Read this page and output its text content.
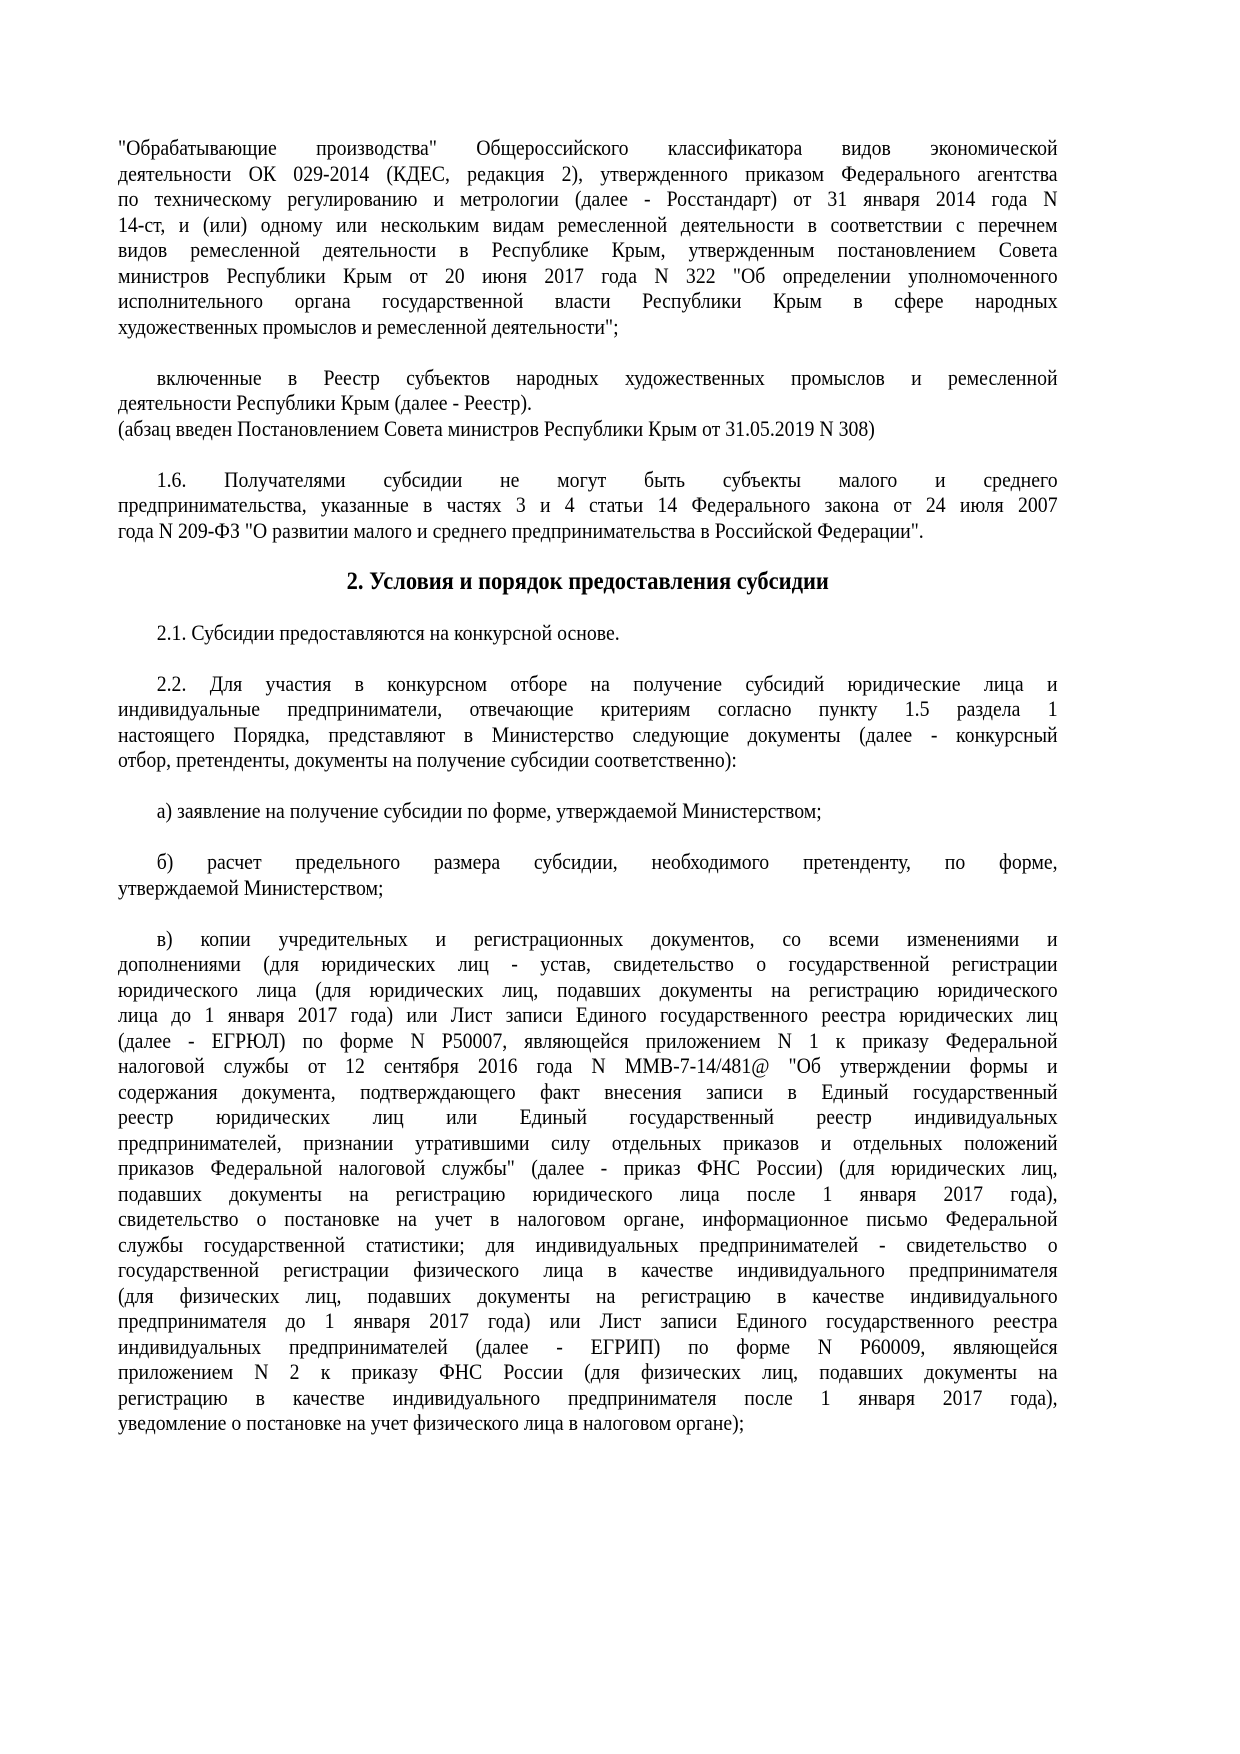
"Обрабатывающие производства" Общероссийского классификатора видов экономической
деятельности ОК 029-2014 (КДЕС, редакция 2), утвержденного приказом Федерального агентства
по техническому регулированию и метрологии (далее - Росстандарт) от 31 января 2014 года N
14-ст, и (или) одному или нескольким видам ремесленной деятельности в соответствии с перечнем
видов ремесленной деятельности в Республике Крым, утвержденным постановлением Совета
министров Республики Крым от 20 июня 2017 года N 322 "Об определении уполномоченного
исполнительного органа государственной власти Республики Крым в сфере народных
художественных промыслов и ремесленной деятельности";
включенные в Реестр субъектов народных художественных промыслов и ремесленной
деятельности Республики Крым (далее - Реестр).
(абзац введен Постановлением Совета министров Республики Крым от 31.05.2019 N 308)
1.6. Получателями субсидии не могут быть субъекты малого и среднего
предпринимательства, указанные в частях 3 и 4 статьи 14 Федерального закона от 24 июля 2007
года N 209-ФЗ "О развитии малого и среднего предпринимательства в Российской Федерации".
2. Условия и порядок предоставления субсидии
2.1. Субсидии предоставляются на конкурсной основе.
2.2. Для участия в конкурсном отборе на получение субсидий юридические лица и
индивидуальные предприниматели, отвечающие критериям согласно пункту 1.5 раздела 1
настоящего Порядка, представляют в Министерство следующие документы (далее - конкурсный
отбор, претенденты, документы на получение субсидии соответственно):
а) заявление на получение субсидии по форме, утверждаемой Министерством;
б) расчет предельного размера субсидии, необходимого претенденту, по форме,
утверждаемой Министерством;
в) копии учредительных и регистрационных документов, со всеми изменениями и
дополнениями (для юридических лиц - устав, свидетельство о государственной регистрации
юридического лица (для юридических лиц, подавших документы на регистрацию юридического
лица до 1 января 2017 года) или Лист записи Единого государственного реестра юридических лиц
(далее - ЕГРЮЛ) по форме N Р50007, являющейся приложением N 1 к приказу Федеральной
налоговой службы от 12 сентября 2016 года N ММВ-7-14/481@ "Об утверждении формы и
содержания документа, подтверждающего факт внесения записи в Единый государственный
реестр юридических лиц или Единый государственный реестр индивидуальных
предпринимателей, признании утратившими силу отдельных приказов и отдельных положений
приказов Федеральной налоговой службы" (далее - приказ ФНС России) (для юридических лиц,
подавших документы на регистрацию юридического лица после 1 января 2017 года),
свидетельство о постановке на учет в налоговом органе, информационное письмо Федеральной
службы государственной статистики; для индивидуальных предпринимателей - свидетельство о
государственной регистрации физического лица в качестве индивидуального предпринимателя
(для физических лиц, подавших документы на регистрацию в качестве индивидуального
предпринимателя до 1 января 2017 года) или Лист записи Единого государственного реестра
индивидуальных предпринимателей (далее - ЕГРИП) по форме N Р60009, являющейся
приложением N 2 к приказу ФНС России (для физических лиц, подавших документы на
регистрацию в качестве индивидуального предпринимателя после 1 января 2017 года),
уведомление о постановке на учет физического лица в налоговом органе);
